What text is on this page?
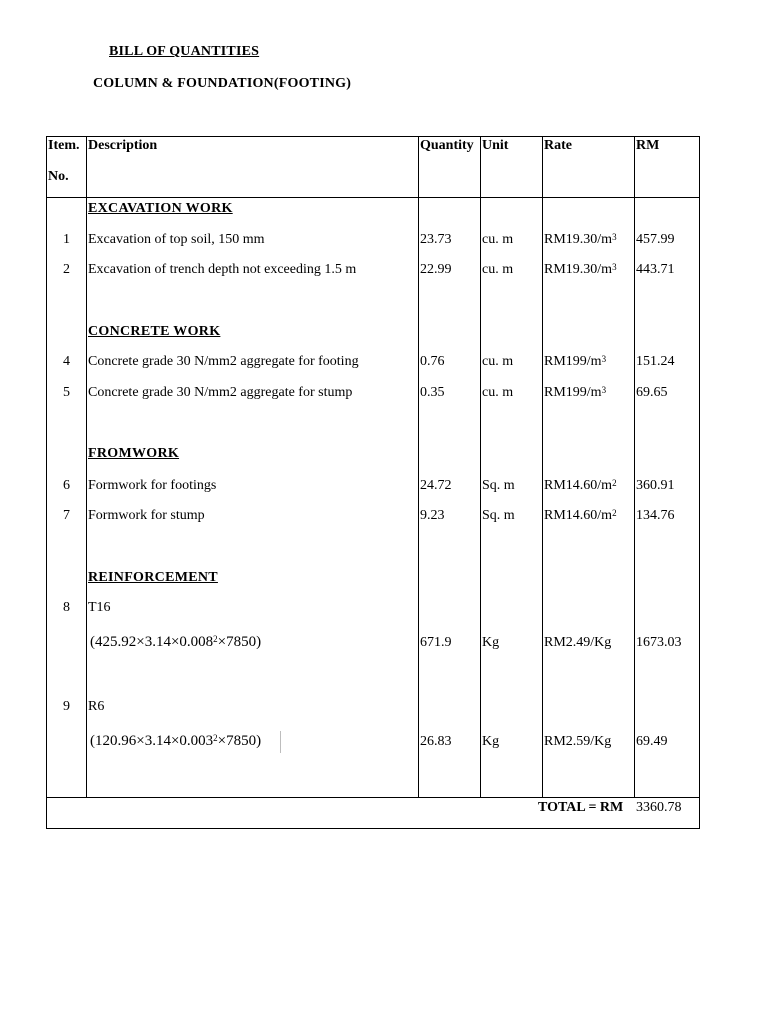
BILL OF QUANTITIES
COLUMN & FOUNDATION(FOOTING)
Item.
No.
Description	Quantity Unit	Rate	RM
EXCAVATION WORK
1 Excavation of top soil, 150 mm	23.73 cu. m $RM19.30/m^3$ 457.99
2 Excavation of trench depth not exceeding 1.5 m	22.99 cu. m $RM19.30/m^3$ 443.71
CONCRETE WORK
4 Concrete grade 30 N/mm2 aggregate for footing	0.76	cu. m $RM199/m^3$ 151.24
5 Concrete grade 30 N/mm2 aggregate for stump	0.35	cu. m $RM199/m^3$ 69.65
FROMWORK
6 Formwork for footings	24.72 Sq. m $RM14.60/m^2$ 360.91
7 Formwork for stump	9.23	Sq. m $RM14.60/m^2$ 134.76
REINFORCEMENT
8 T16
$(425.92\times 3.14\times 0.008^2\times 7850)$	671.9 Kg	RM2.49/Kg 1673.03
9 R6
$(120.96\times 3.14\times 0.003^2\times 7850)$	26.83 Kg	RM2.59/Kg 69.49
TOTAL = RM 3360.78
